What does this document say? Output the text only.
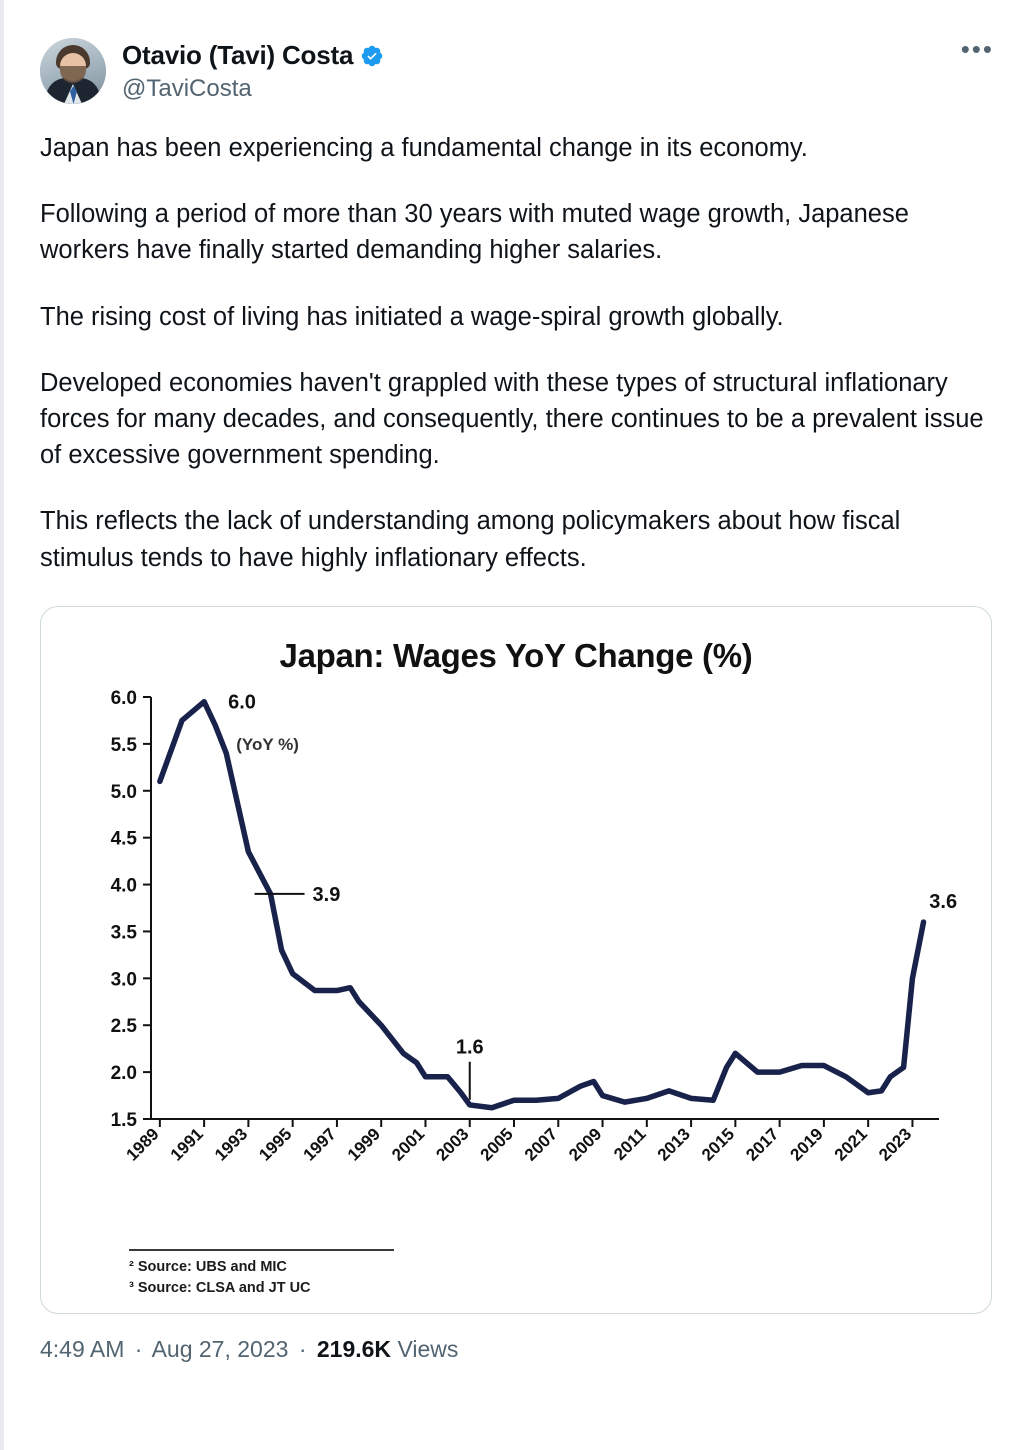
Otavio (Tavi) Costa
@TaviCosta
•••

Japan has been experiencing a fundamental change in its economy.

Following a period of more than 30 years with muted wage growth, Japanese workers have finally started demanding higher salaries.

The rising cost of living has initiated a wage-spiral growth globally.

Developed economies haven't grappled with these types of structural inflationary forces for many decades, and consequently, there continues to be a prevalent issue of excessive government spending.

This reflects the lack of understanding among policymakers about how fiscal stimulus tends to have highly inflationary effects.

Japan: Wages YoY Change (%)
1.5
2.0
2.5
3.0
3.5
4.0
4.5
5.0
5.5
6.0
1989 1991 1993 1995 1997 1999 2001 2003 2005 2007 2009 2011 2013 2015 2017 2019 2021 2023
6.0
(YoY %)
3.9
1.6
3.6
² Source: UBS and MIC
³ Source: CLSA and JT UC
4:49 AM · Aug 27, 2023 · 219.6K Views
